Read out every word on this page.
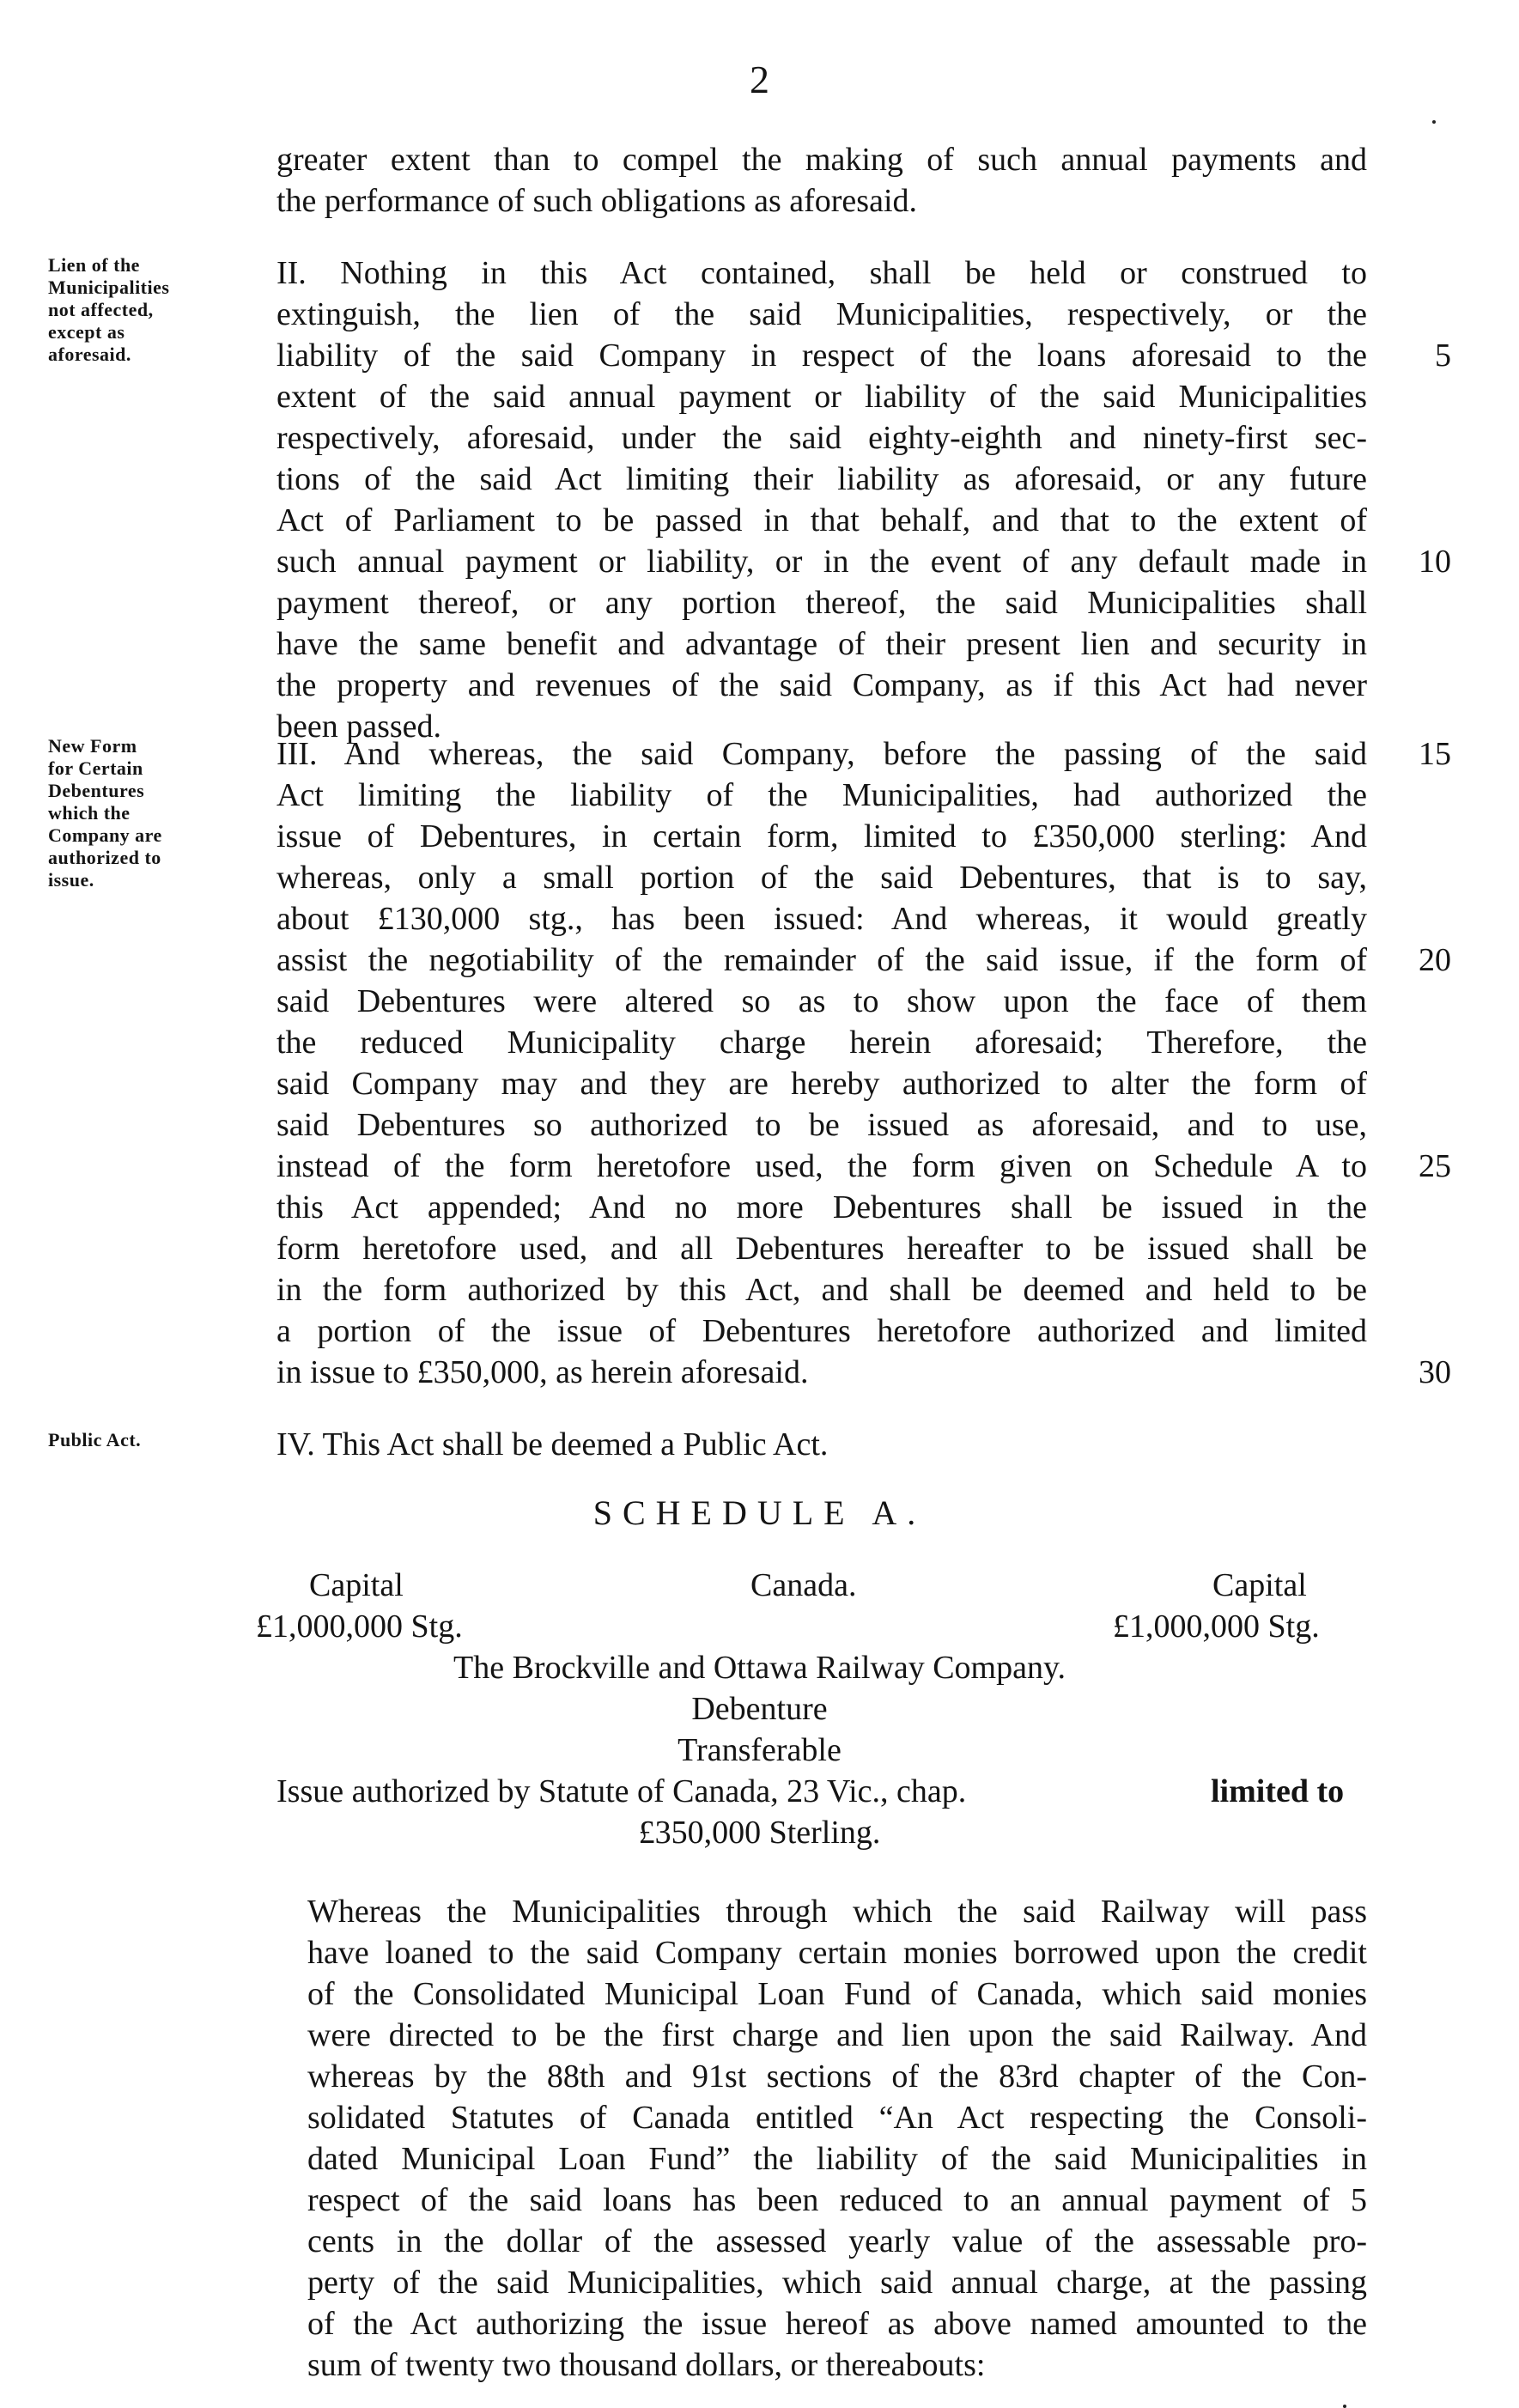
2
greater extent than to compel the making of such annual payments and
the performance of such obligations as aforesaid.
Lien of the
Municipalities
not affected,
except as
aforesaid.
II. Nothing in this Act contained, shall be held or construed to
extinguish, the lien of the said Municipalities, respectively, or the
liability of the said Company in respect of the loans aforesaid to the
extent of the said annual payment or liability of the said Municipalities
respectively, aforesaid, under the said eighty-eighth and ninety-first sec-
tions of the said Act limiting their liability as aforesaid, or any future
Act of Parliament to be passed in that behalf, and that to the extent of
such annual payment or liability, or in the event of any default made in
payment thereof, or any portion thereof, the said Municipalities shall
have the same benefit and advantage of their present lien and security in
the property and revenues of the said Company, as if this Act had never
been passed.
New Form
for Certain
Debentures
which the
Company are
authorized to
issue.
III. And whereas, the said Company, before the passing of the said
Act limiting the liability of the Municipalities, had authorized the
issue of Debentures, in certain form, limited to £350,000 sterling: And
whereas, only a small portion of the said Debentures, that is to say,
about £130,000 stg., has been issued: And whereas, it would greatly
assist the negotiability of the remainder of the said issue, if the form of
said Debentures were altered so as to show upon the face of them
the reduced Municipality charge herein aforesaid; Therefore, the
said Company may and they are hereby authorized to alter the form of
said Debentures so authorized to be issued as aforesaid, and to use,
instead of the form heretofore used, the form given on Schedule A to
this Act appended; And no more Debentures shall be issued in the
form heretofore used, and all Debentures hereafter to be issued shall be
in the form authorized by this Act, and shall be deemed and held to be
a portion of the issue of Debentures heretofore authorized and limited
in issue to £350,000, as herein aforesaid.
5
10
15
20
25
30
Public Act.	IV. This Act shall be deemed a Public Act.
SCHEDULE A.
Capital	Canada.	Capital
£1,000,000 Stg.	£1,000,000 Stg.
The Brockville and Ottawa Railway Company.
Debenture
Transferable
Issue authorized by Statute of Canada, 23 Vic., chap.	limited to
£350,000 Sterling.
Whereas the Municipalities through which the said Railway will pass
have loaned to the said Company certain monies borrowed upon the credit
of the Consolidated Municipal Loan Fund of Canada, which said monies
were directed to be the first charge and lien upon the said Railway. And
whereas by the 88th and 91st sections of the 83rd chapter of the Con-
solidated Statutes of Canada entitled “An Act respecting the Consoli-
dated Municipal Loan Fund” the liability of the said Municipalities in
respect of the said loans has been reduced to an annual payment of 5
cents in the dollar of the assessed yearly value of the assessable pro-
perty of the said Municipalities, which said annual charge, at the passing
of the Act authorizing the issue hereof as above named amounted to the
sum of twenty two thousand dollars, or thereabouts:
